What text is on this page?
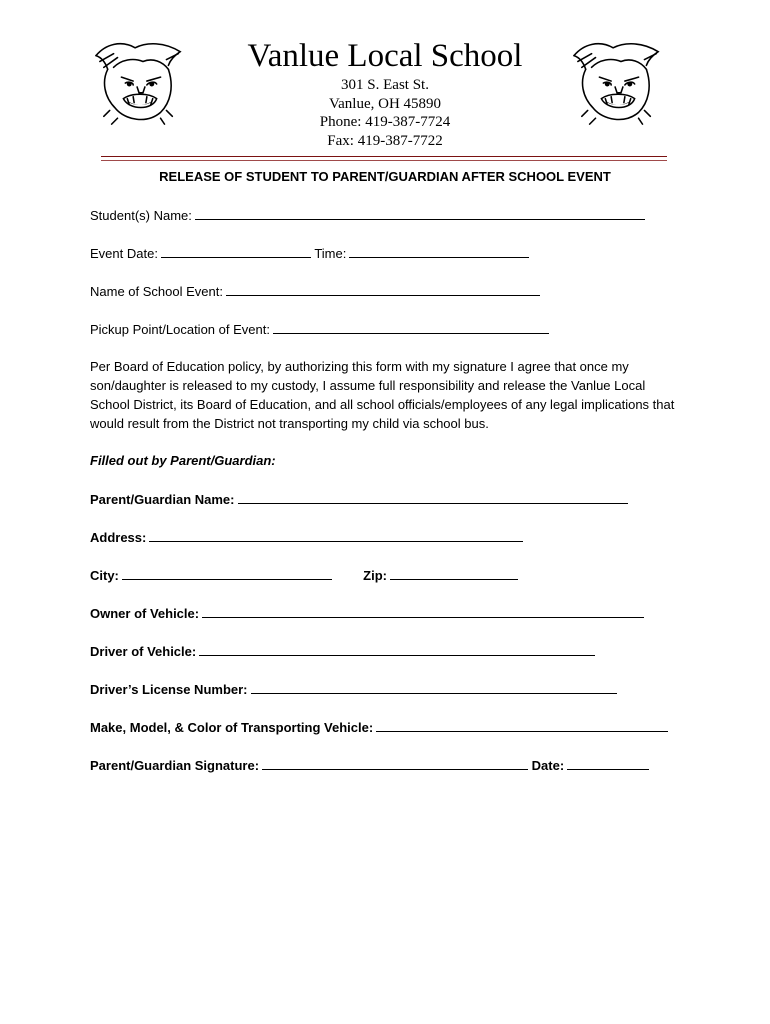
Vanlue Local School
301 S. East St.
Vanlue, OH 45890
Phone: 419-387-7724
Fax: 419-387-7722
RELEASE OF STUDENT TO PARENT/GUARDIAN AFTER SCHOOL EVENT
Student(s) Name:
Event Date:	Time:
Name of School Event:
Pickup Point/Location of Event:
Per Board of Education policy, by authorizing this form with my signature I agree that once my son/daughter is released to my custody, I assume full responsibility and release the Vanlue Local School District, its Board of Education, and all school officials/employees of any legal implications that would result from the District not transporting my child via school bus.
Filled out by Parent/Guardian:
Parent/Guardian Name:
Address:
City:	Zip:
Owner of Vehicle:
Driver of Vehicle:
Driver’s License Number:
Make, Model, & Color of Transporting Vehicle:
Parent/Guardian Signature:	Date:
